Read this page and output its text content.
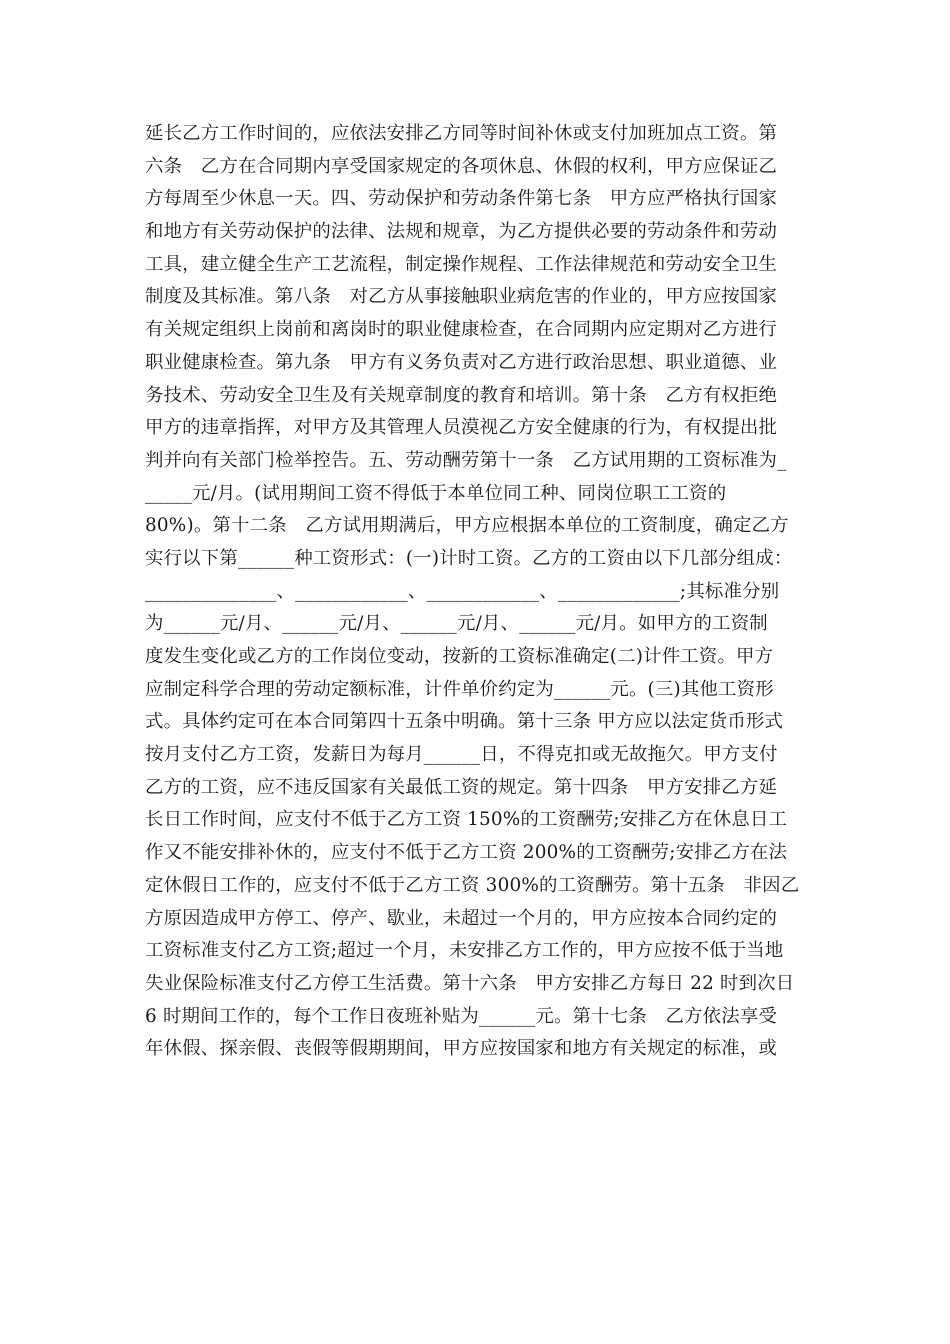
延长乙方工作时间的，应依法安排乙方同等时间补休或支付加班加点工资。第
六条　乙方在合同期内享受国家规定的各项休息、休假的权利，甲方应保证乙
方每周至少休息一天。四、劳动保护和劳动条件第七条　甲方应严格执行国家
和地方有关劳动保护的法律、法规和规章，为乙方提供必要的劳动条件和劳动
工具，建立健全生产工艺流程，制定操作规程、工作法律规范和劳动安全卫生
制度及其标准。第八条　对乙方从事接触职业病危害的作业的，甲方应按国家
有关规定组织上岗前和离岗时的职业健康检查，在合同期内应定期对乙方进行
职业健康检查。第九条　甲方有义务负责对乙方进行政治思想、职业道德、业
务技术、劳动安全卫生及有关规章制度的教育和培训。第十条　乙方有权拒绝
甲方的违章指挥，对甲方及其管理人员漠视乙方安全健康的行为，有权提出批
判并向有关部门检举控告。五、劳动酬劳第十一条　乙方试用期的工资标准为_
_____元/月。(试用期间工资不得低于本单位同工种、同岗位职工工资的
80%)。第十二条　乙方试用期满后，甲方应根据本单位的工资制度，确定乙方
实行以下第______种工资形式：(一)计时工资。乙方的工资由以下几部分组成：
______________、____________、____________、_____________;其标准分别
为______元/月、______元/月、______元/月、______元/月。如甲方的工资制
度发生变化或乙方的工作岗位变动，按新的工资标准确定(二)计件工资。甲方
应制定科学合理的劳动定额标准，计件单价约定为______元。(三)其他工资形
式。具体约定可在本合同第四十五条中明确。第十三条 甲方应以法定货币形式
按月支付乙方工资，发薪日为每月______日，不得克扣或无故拖欠。甲方支付
乙方的工资，应不违反国家有关最低工资的规定。第十四条　甲方安排乙方延
长日工作时间，应支付不低于乙方工资 150%的工资酬劳;安排乙方在休息日工
作又不能安排补休的，应支付不低于乙方工资 200%的工资酬劳;安排乙方在法
定休假日工作的，应支付不低于乙方工资 300%的工资酬劳。第十五条　非因乙
方原因造成甲方停工、停产、歇业，未超过一个月的，甲方应按本合同约定的
工资标准支付乙方工资;超过一个月，未安排乙方工作的，甲方应按不低于当地
失业保险标准支付乙方停工生活费。第十六条　甲方安排乙方每日 22 时到次日
6 时期间工作的，每个工作日夜班补贴为______元。第十七条　乙方依法享受
年休假、探亲假、丧假等假期期间，甲方应按国家和地方有关规定的标准，或
